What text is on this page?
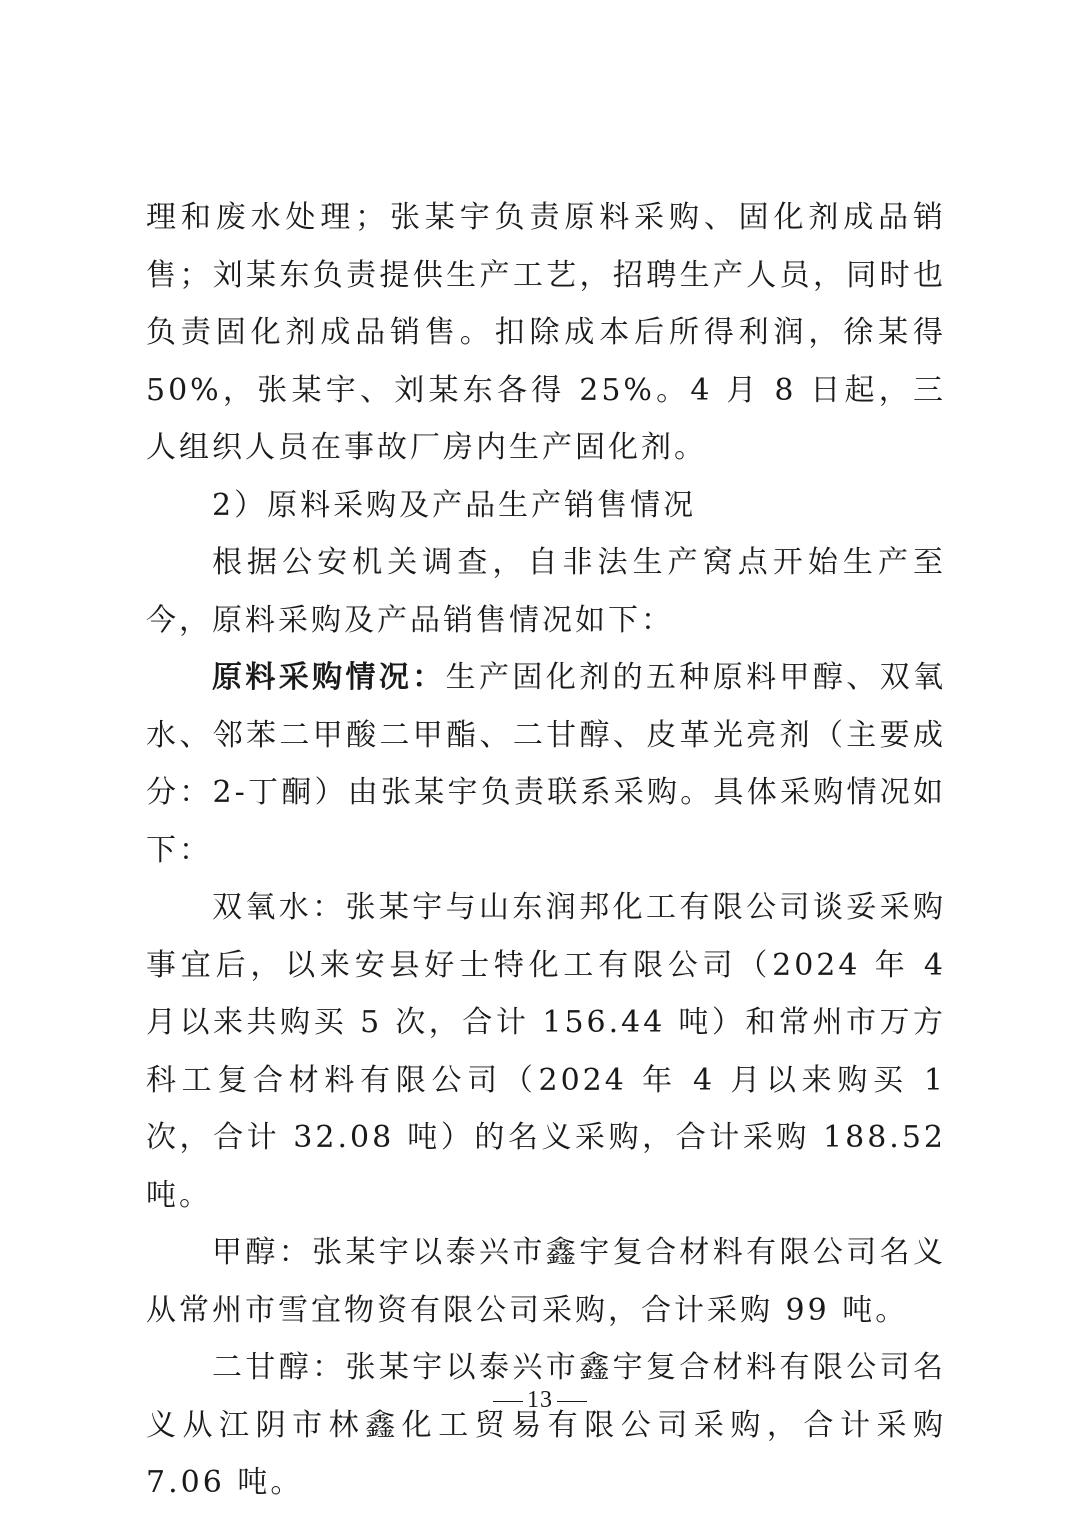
理和废水处理；张某宇负责原料采购、固化剂成品销售；刘某东负责提供生产工艺，招聘生产人员，同时也负责固化剂成品销售。扣除成本后所得利润，徐某得 50%，张某宇、刘某东各得 25%。4 月 8 日起，三人组织人员在事故厂房内生产固化剂。

2）原料采购及产品生产销售情况

根据公安机关调查，自非法生产窝点开始生产至今，原料采购及产品销售情况如下：

原料采购情况：生产固化剂的五种原料甲醇、双氧水、邻苯二甲酸二甲酯、二甘醇、皮革光亮剂（主要成分：2-丁酮）由张某宇负责联系采购。具体采购情况如下：

双氧水：张某宇与山东润邦化工有限公司谈妥采购事宜后，以来安县好士特化工有限公司（2024 年 4 月以来共购买 5 次，合计 156.44 吨）和常州市万方科工复合材料有限公司（2024 年 4 月以来购买 1 次，合计 32.08 吨）的名义采购，合计采购 188.52 吨。

甲醇：张某宇以泰兴市鑫宇复合材料有限公司名义从常州市雪宜物资有限公司采购，合计采购 99 吨。

二甘醇：张某宇以泰兴市鑫宇复合材料有限公司名义从江阴市林鑫化工贸易有限公司采购，合计采购 7.06 吨。

13
